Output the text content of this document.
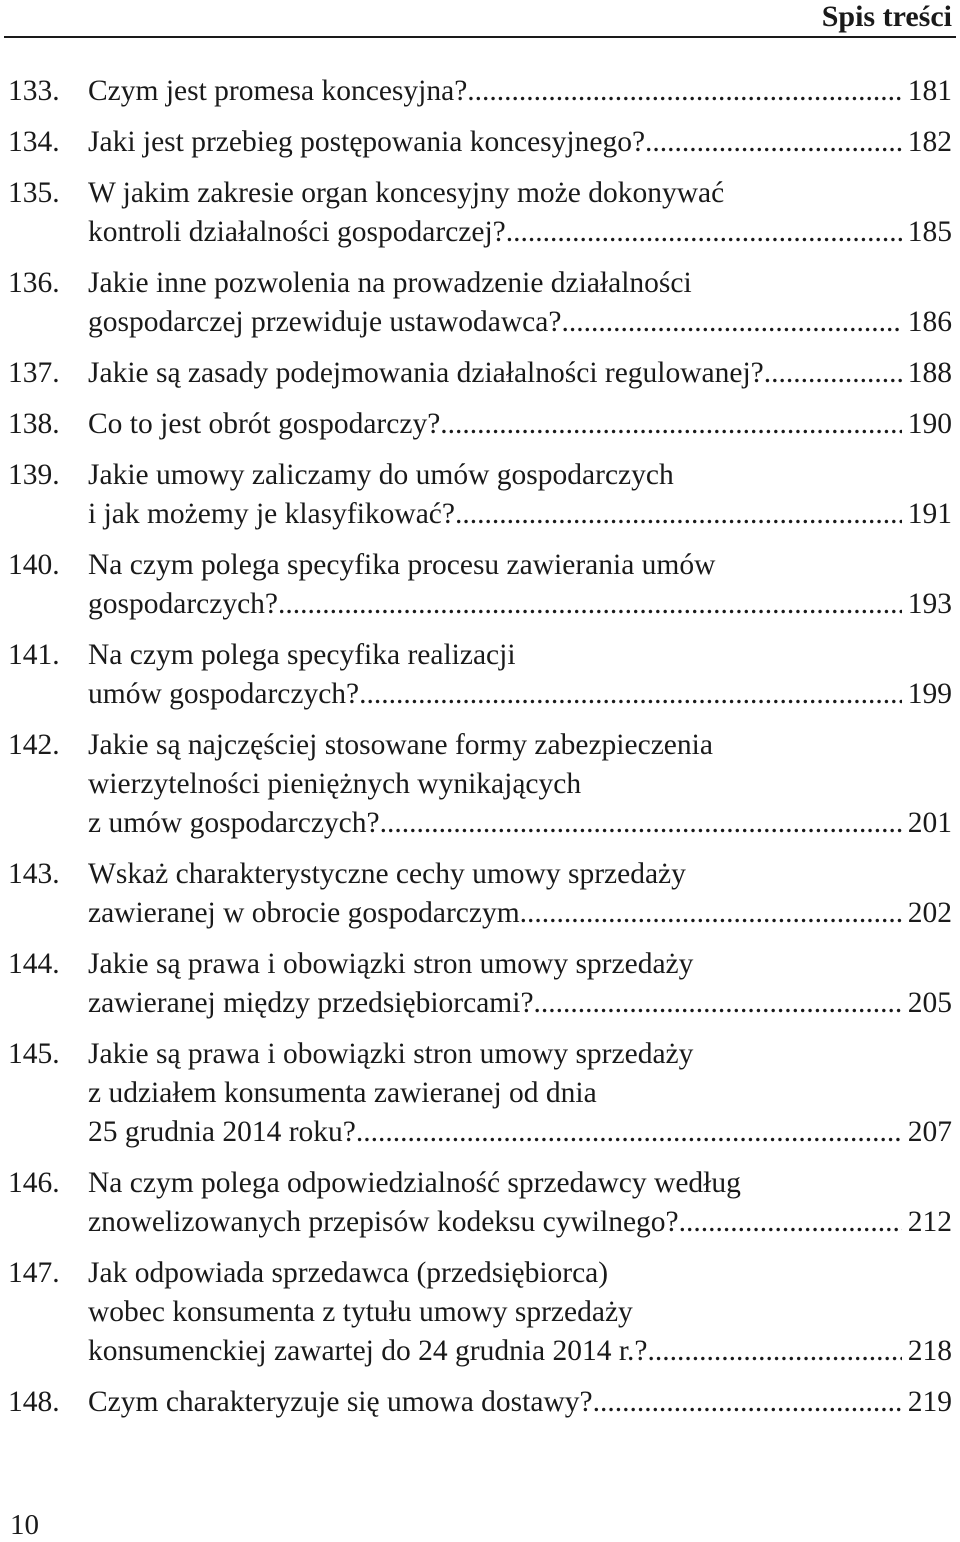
Spis treści
133. Czym jest promesa koncesyjna? .....	181
134. Jaki jest przebieg postępowania koncesyjnego? .....	182
135. W jakim zakresie organ koncesyjny może dokonywać
kontroli działalności gospodarczej? .....	185
136. Jakie inne pozwolenia na prowadzenie działalności
gospodarczej przewiduje ustawodawca? .....	186
137. Jakie są zasady podejmowania działalności regulowanej? .....	188
138. Co to jest obrót gospodarczy? .....	190
139. Jakie umowy zaliczamy do umów gospodarczych
i jak możemy je klasyfikować? .....	191
140. Na czym polega specyfika procesu zawierania umów
gospodarczych? .....	193
141. Na czym polega specyfika realizacji
umów gospodarczych? .....	199
142. Jakie są najczęściej stosowane formy zabezpieczenia
wierzytelności pieniężnych wynikających
z umów gospodarczych? .....	201
143. Wskaż charakterystyczne cechy umowy sprzedaży
zawieranej w obrocie gospodarczym .....	202
144. Jakie są prawa i obowiązki stron umowy sprzedaży
zawieranej między przedsiębiorcami? .....	205
145. Jakie są prawa i obowiązki stron umowy sprzedaży
z udziałem konsumenta zawieranej od dnia
25 grudnia 2014 roku? .....	207
146. Na czym polega odpowiedzialność sprzedawcy według
znowelizowanych przepisów kodeksu cywilnego? .....	212
147. Jak odpowiada sprzedawca (przedsiębiorca)
wobec konsumenta z tytułu umowy sprzedaży
konsumenckiej zawartej do 24 grudnia 2014 r.? .....	218
148. Czym charakteryzuje się umowa dostawy? .....	219
10
